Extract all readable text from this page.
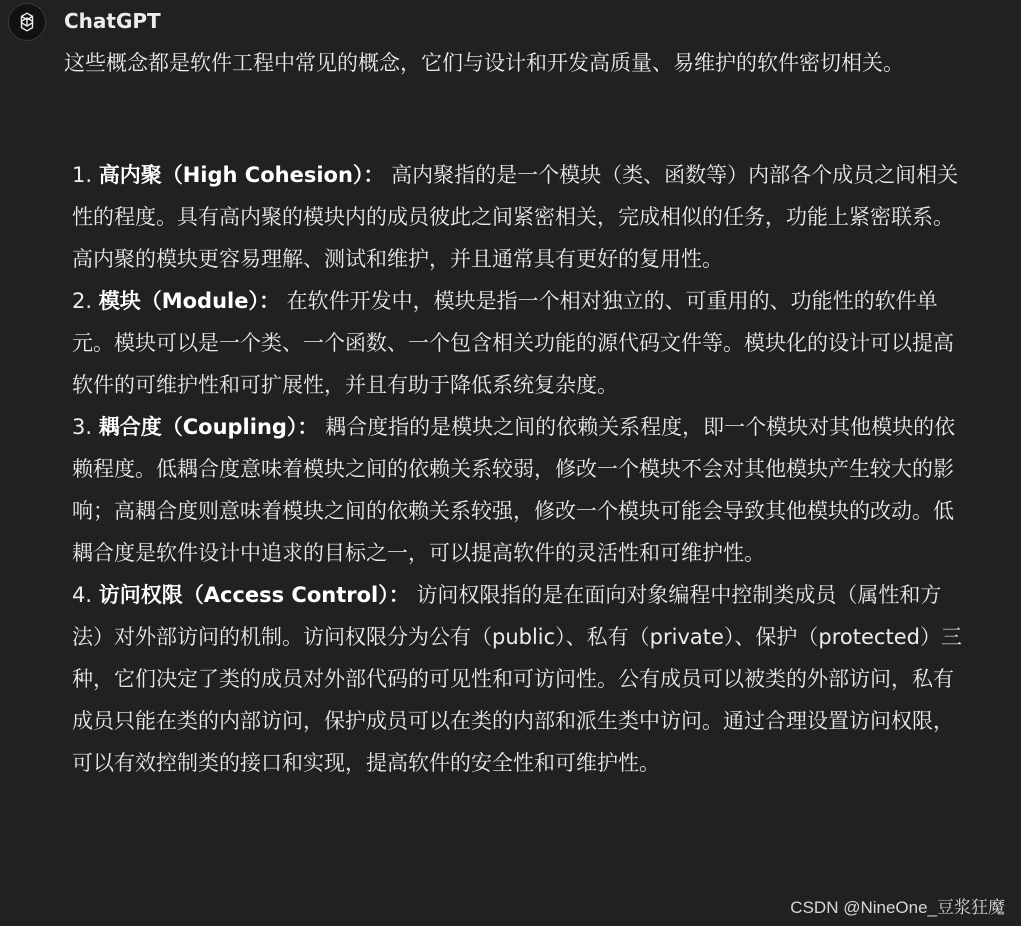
ChatGPT
这些概念都是软件工程中常见的概念，它们与设计和开发高质量、易维护的软件密切相关。
1. 高内聚（High Cohesion）： 高内聚指的是一个模块（类、函数等）内部各个成员之间相关性的程度。具有高内聚的模块内的成员彼此之间紧密相关，完成相似的任务，功能上紧密联系。高内聚的模块更容易理解、测试和维护，并且通常具有更好的复用性。
2. 模块（Module）： 在软件开发中，模块是指一个相对独立的、可重用的、功能性的软件单元。模块可以是一个类、一个函数、一个包含相关功能的源代码文件等。模块化的设计可以提高软件的可维护性和可扩展性，并且有助于降低系统复杂度。
3. 耦合度（Coupling）： 耦合度指的是模块之间的依赖关系程度，即一个模块对其他模块的依赖程度。低耦合度意味着模块之间的依赖关系较弱，修改一个模块不会对其他模块产生较大的影响；高耦合度则意味着模块之间的依赖关系较强，修改一个模块可能会导致其他模块的改动。低耦合度是软件设计中追求的目标之一，可以提高软件的灵活性和可维护性。
4. 访问权限（Access Control）： 访问权限指的是在面向对象编程中控制类成员（属性和方法）对外部访问的机制。访问权限分为公有（public）、私有（private）、保护（protected）三种，它们决定了类的成员对外部代码的可见性和可访问性。公有成员可以被类的外部访问，私有成员只能在类的内部访问，保护成员可以在类的内部和派生类中访问。通过合理设置访问权限，可以有效控制类的接口和实现，提高软件的安全性和可维护性。
CSDN @NineOne_豆浆狂魔
